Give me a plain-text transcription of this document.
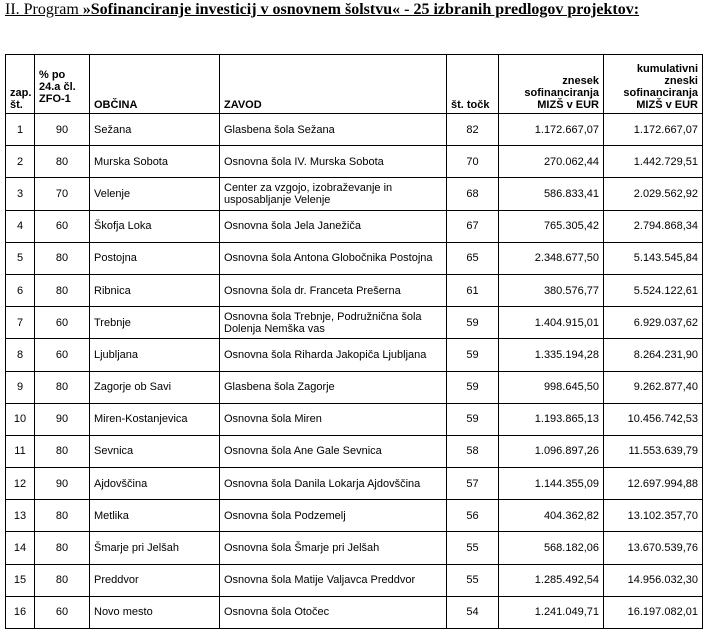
II. Program »Sofinanciranje investicij v osnovnem šolstvu« - 25 izbranih predlogov projektov:
zap. št.	% po 24.a čl. ZFO-1	OBČINA	ZAVOD	št. točk	znesek sofinanciranja MIZŠ v EUR	kumulativni zneski sofinanciranja MIZŠ v EUR
1	90	Sežana	Glasbena šola Sežana	82	1.172.667,07	1.172.667,07
2	80	Murska Sobota	Osnovna šola IV. Murska Sobota	70	270.062,44	1.442.729,51
3	70	Velenje	Center za vzgojo, izobraževanje in usposabljanje Velenje	68	586.833,41	2.029.562,92
4	60	Škofja Loka	Osnovna šola Jela Janežiča	67	765.305,42	2.794.868,34
5	80	Postojna	Osnovna šola Antona Globočnika Postojna	65	2.348.677,50	5.143.545,84
6	80	Ribnica	Osnovna šola dr. Franceta Prešerna	61	380.576,77	5.524.122,61
7	60	Trebnje	Osnovna šola Trebnje, Podružnična šola Dolenja Nemška vas	59	1.404.915,01	6.929.037,62
8	60	Ljubljana	Osnovna šola Riharda Jakopiča Ljubljana	59	1.335.194,28	8.264.231,90
9	80	Zagorje ob Savi	Glasbena šola Zagorje	59	998.645,50	9.262.877,40
10	90	Miren-Kostanjevica	Osnovna šola Miren	59	1.193.865,13	10.456.742,53
11	80	Sevnica	Osnovna šola Ane Gale Sevnica	58	1.096.897,26	11.553.639,79
12	90	Ajdovščina	Osnovna šola Danila Lokarja Ajdovščina	57	1.144.355,09	12.697.994,88
13	80	Metlika	Osnovna šola Podzemelj	56	404.362,82	13.102.357,70
14	80	Šmarje pri Jelšah	Osnovna šola Šmarje pri Jelšah	55	568.182,06	13.670.539,76
15	80	Preddvor	Osnovna šola Matije Valjavca Preddvor	55	1.285.492,54	14.956.032,30
16	60	Novo mesto	Osnovna šola Otočec	54	1.241.049,71	16.197.082,01
